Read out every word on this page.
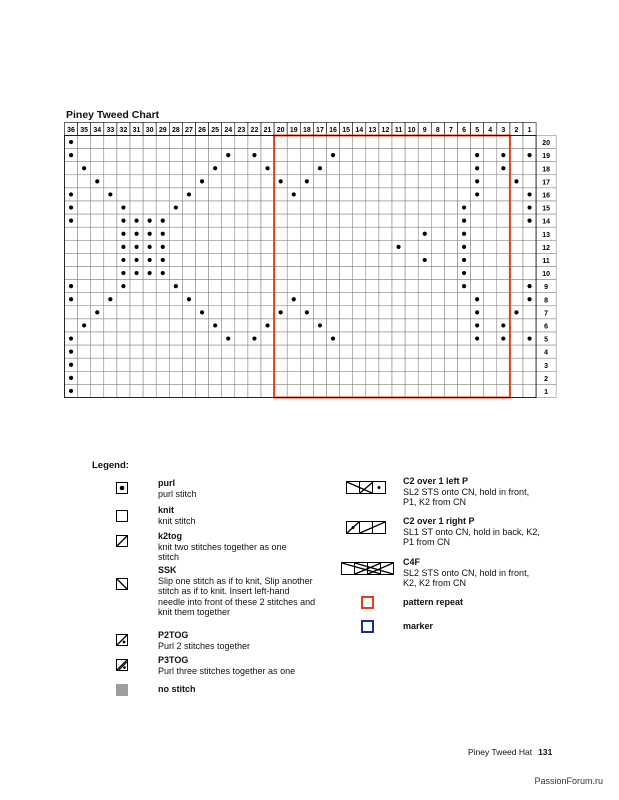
Piney Tweed Chart
36 35 34 33 32 31 30 29 28 27 26 25 24 23 22 21 20 19 18 17 16 15 14 13 12 11 10 9 8 7 6 5 4 3 2 1
20
19
18
17
16
15
14
13
12
11
10
9
8
7
6
5
4
3
2
1
Legend:
purl
purl stitch
knit
knit stitch
k2tog
knit two stitches together as one stitch
SSK
Slip one stitch as if to knit, Slip another stitch as if to knit. Insert left-hand needle into front of these 2 stitches and knit them together
P2TOG
Purl 2 stitches together
P3TOG
Purl three stitches together as one
no stitch
C2 over 1 left P
SL2 STS onto CN, hold in front, P1, K2 from CN
C2 over 1 right P
SL1 ST onto CN, hold in back, K2, P1 from CN
C4F
SL2 STS onto CN, hold in front, K2, K2 from CN
pattern repeat
marker
Piney Tweed Hat 131
PassionForum.ru
